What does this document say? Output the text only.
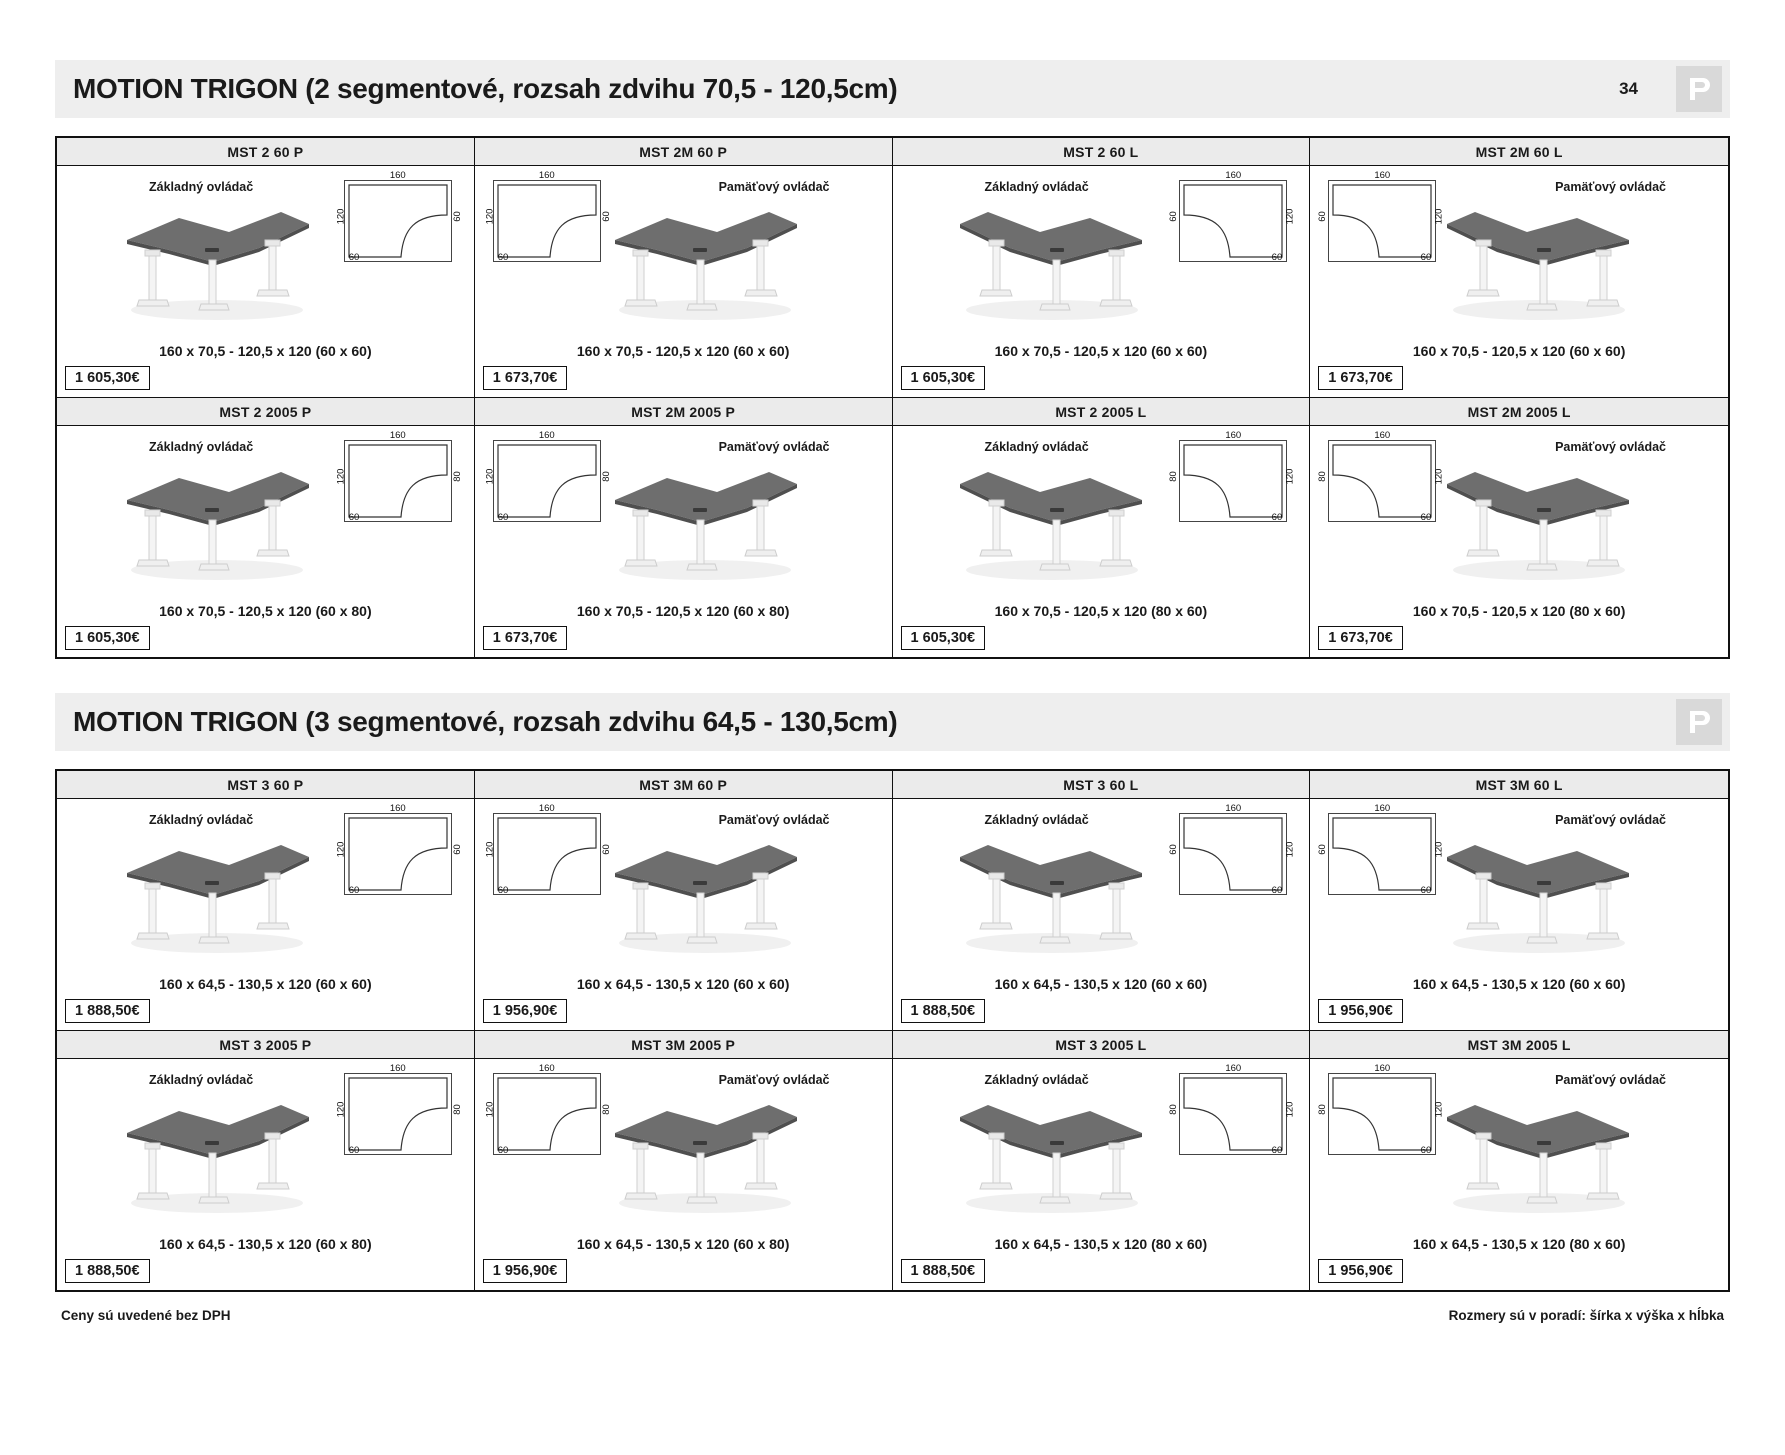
MOTION TRIGON (2 segmentové, rozsah zdvihu 70,5 - 120,5cm)	34
MST 2 60 P
Základný ovládač
160
120	60
60
160 x 70,5 - 120,5 x 120 (60 x 60)
1 605,30€
MST 2M 60 P
Pamäťový ovládač
160
120	60
60
160 x 70,5 - 120,5 x 120 (60 x 60)
1 673,70€
MST 2 60 L
Základný ovládač
160
60	120
60
160 x 70,5 - 120,5 x 120 (60 x 60)
1 605,30€
MST 2M 60 L
Pamäťový ovládač
160
60	120
60
160 x 70,5 - 120,5 x 120 (60 x 60)
1 673,70€
MST 2 2005 P
Základný ovládač
160
120	80
60
160 x 70,5 - 120,5 x 120 (60 x 80)
1 605,30€
MST 2M 2005 P
Pamäťový ovládač
160
120	80
60
160 x 70,5 - 120,5 x 120 (60 x 80)
1 673,70€
MST 2 2005 L
Základný ovládač
160
80	120
60
160 x 70,5 - 120,5 x 120 (80 x 60)
1 605,30€
MST 2M 2005 L
Pamäťový ovládač
160
80	120
60
160 x 70,5 - 120,5 x 120 (80 x 60)
1 673,70€
MOTION TRIGON (3 segmentové, rozsah zdvihu 64,5 - 130,5cm)
MST 3 60 P
Základný ovládač
160
120	60
60
160 x 64,5 - 130,5 x 120 (60 x 60)
1 888,50€
MST 3M 60 P
Pamäťový ovládač
160
120	60
60
160 x 64,5 - 130,5 x 120 (60 x 60)
1 956,90€
MST 3 60 L
Základný ovládač
160
60	120
60
160 x 64,5 - 130,5 x 120 (60 x 60)
1 888,50€
MST 3M 60 L
Pamäťový ovládač
160
60	120
60
160 x 64,5 - 130,5 x 120 (60 x 60)
1 956,90€
MST 3 2005 P
Základný ovládač
160
120	80
60
160 x 64,5 - 130,5 x 120 (60 x 80)
1 888,50€
MST 3M 2005 P
Pamäťový ovládač
160
120	80
60
160 x 64,5 - 130,5 x 120 (60 x 80)
1 956,90€
MST 3 2005 L
Základný ovládač
160
80	120
60
160 x 64,5 - 130,5 x 120 (80 x 60)
1 888,50€
MST 3M 2005 L
Pamäťový ovládač
160
80	120
60
160 x 64,5 - 130,5 x 120 (80 x 60)
1 956,90€
Ceny sú uvedené bez DPH	Rozmery sú v poradí: šírka x výška x hĺbka
